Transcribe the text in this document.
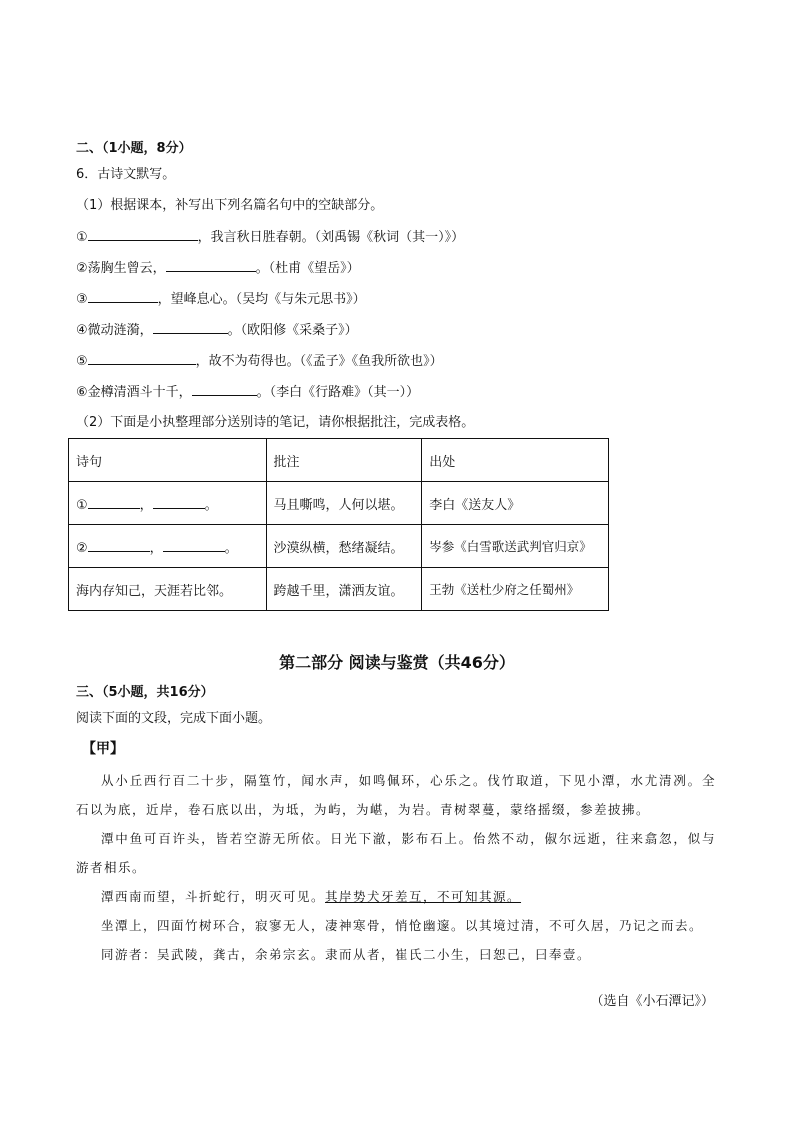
二、（1小题，8分）
6．古诗文默写。
（1）根据课本，补写出下列名篇名句中的空缺部分。
①	，我言秋日胜春朝。（刘禹锡《秋词（其一）》）
②荡胸生曾云，	。（杜甫《望岳》）
③	，望峰息心。（吴均《与朱元思书》）
④微动涟漪，	。（欧阳修《采桑子》）
⑤	，故不为苟得也。（《孟子》《鱼我所欲也》）
⑥金樽清酒斗十千，	。（李白《行路难》（其一））
（2）下面是小执整理部分送别诗的笔记，请你根据批注，完成表格。
诗句	批注	出处
① ， 。	马且嘶鸣，人何以堪。	李白《送友人》
② ， 。	沙漠纵横，愁绪凝结。	岑参《白雪歌送武判官归京》
海内存知己，天涯若比邻。	跨越千里，潇洒友谊。	王勃《送杜少府之任蜀州》
第二部分 阅读与鉴赏（共46分）
三、（5小题，共16分）
阅读下面的文段，完成下面小题。
【甲】

从小丘西行百二十步，隔篁竹，闻水声，如鸣佩环，心乐之。伐竹取道，下见小潭，水尤清冽。全石以为底，近岸，卷石底以出，为坻，为屿，为嵁，为岩。青树翠蔓，蒙络摇缀，参差披拂。

潭中鱼可百许头，皆若空游无所依。日光下澈，影布石上。佁然不动，俶尔远逝，往来翕忽，似与游者相乐。

潭西南而望，斗折蛇行，明灭可见。其岸势犬牙差互，不可知其源。

坐潭上，四面竹树环合，寂寥无人，凄神寒骨，悄怆幽邃。以其境过清，不可久居，乃记之而去。

同游者：吴武陵，龚古，余弟宗玄。隶而从者，崔氏二小生，曰恕己，曰奉壹。

（选自《小石潭记》）
